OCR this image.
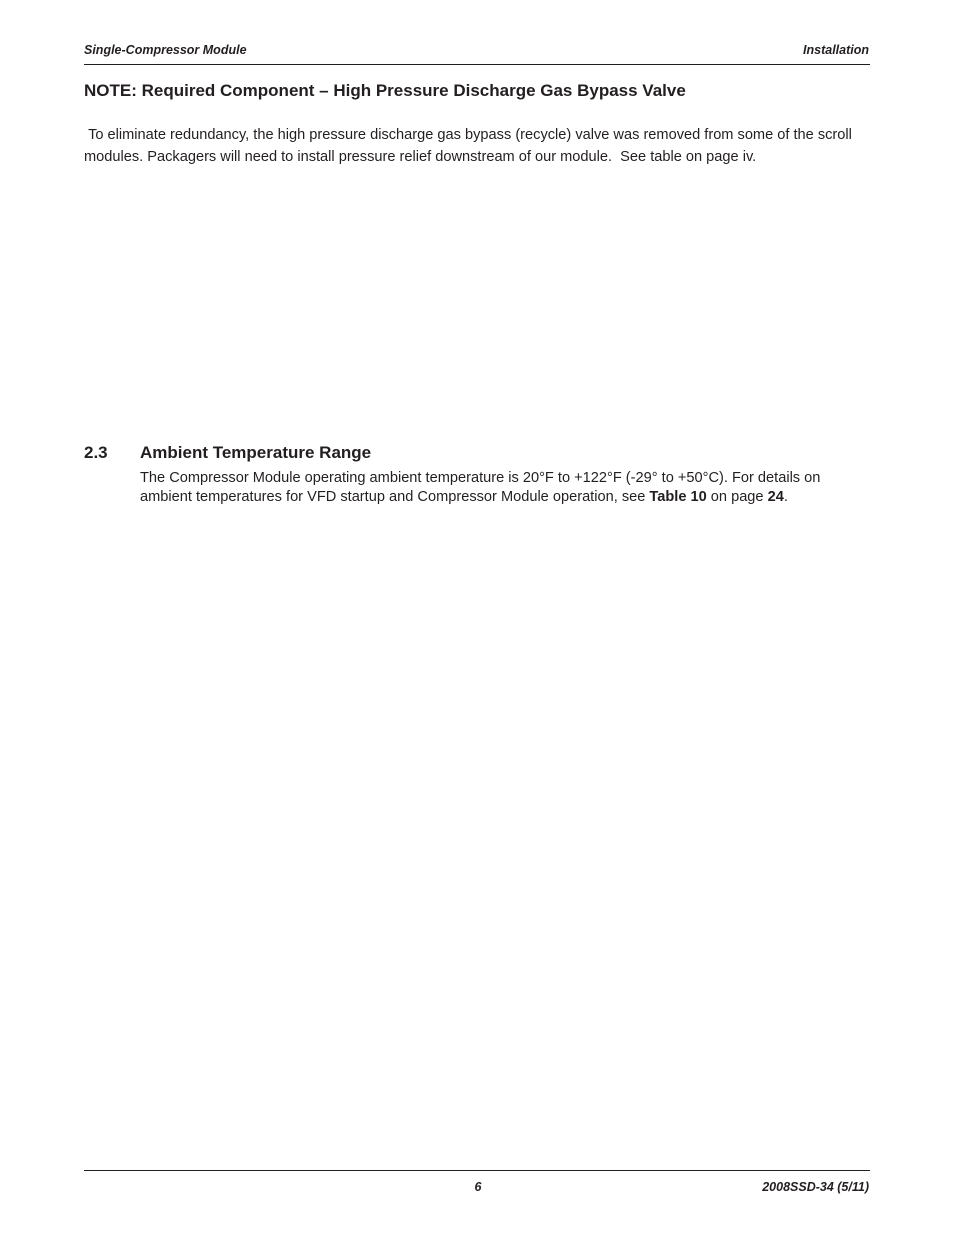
Single-Compressor Module	Installation
NOTE: Required Component – High Pressure Discharge Gas Bypass Valve
To eliminate redundancy, the high pressure discharge gas bypass (recycle) valve was removed from some of the scroll modules. Packagers will need to install pressure relief downstream of our module.  See table on page iv.
2.3 Ambient Temperature Range
The Compressor Module operating ambient temperature is 20°F to +122°F (-29° to +50°C). For details on ambient temperatures for VFD startup and Compressor Module operation, see Table 10 on page 24.
6	2008SSD-34 (5/11)
